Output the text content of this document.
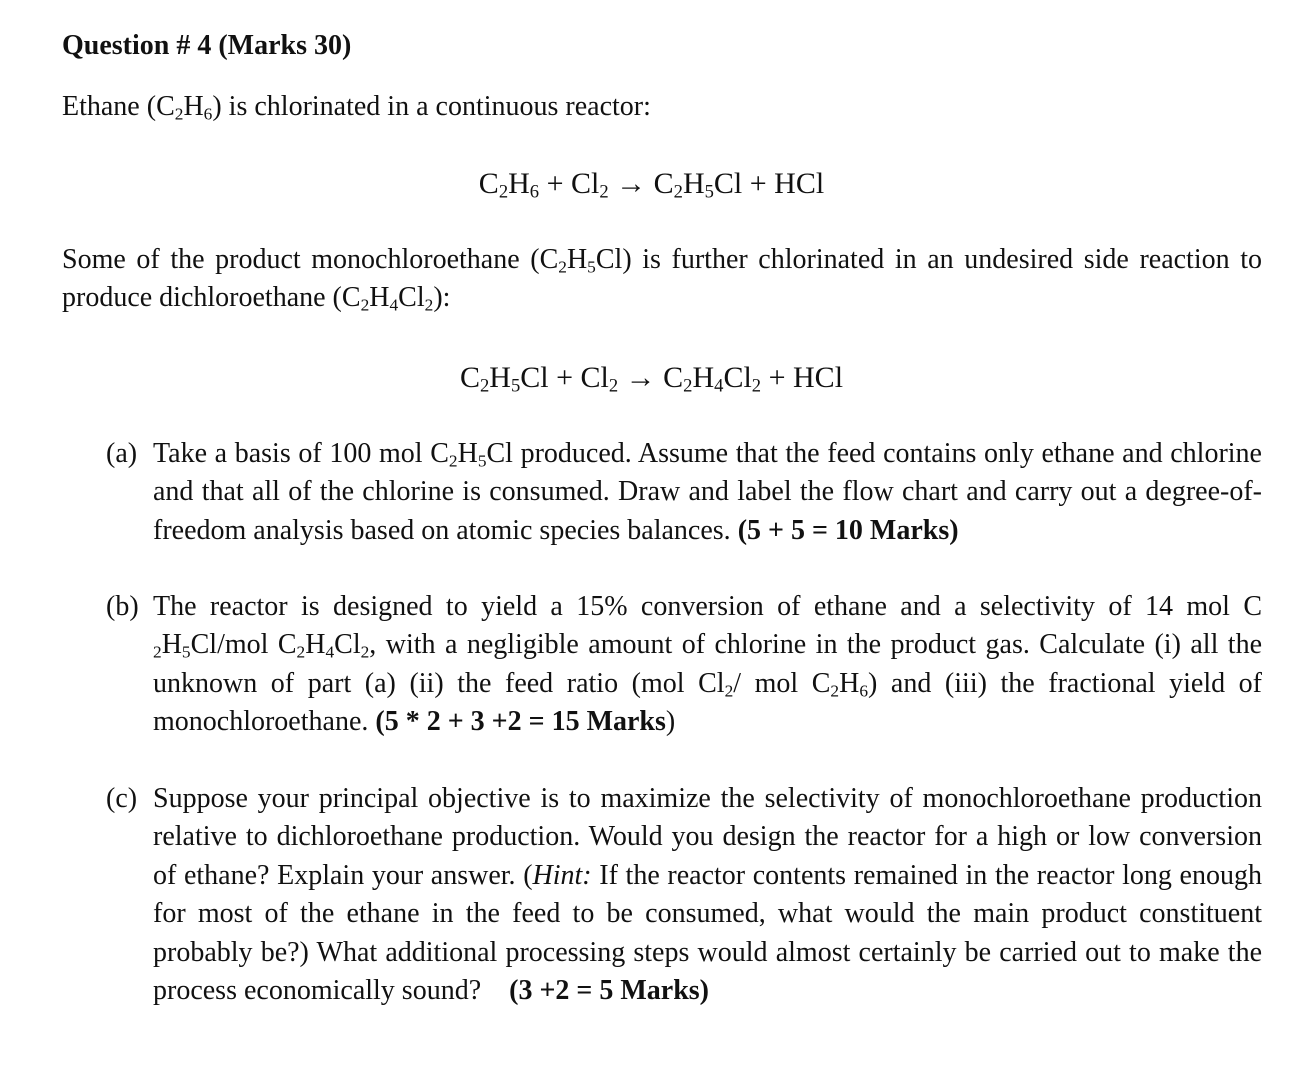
Question # 4 (Marks 30)
Ethane $(C_2H_6)$ is chlorinated in a continuous reactor:
$C_2H_6 + Cl_2 \to C_2H_5Cl$ + HCl
Some of the product monochloroethane $(C_2H_5Cl)$ is further chlorinated in an undesired side reaction to produce dichloroethane $(C_2H_4Cl_2)$:
$C_2H_5Cl + Cl_2 \to C_2H_4Cl_2$ + HCl
(a) Take a basis of 100 mol $C_2H_5Cl$ produced. Assume that the feed contains only ethane and chlorine and that all of the chlorine is consumed. Draw and label the flow chart and carry out a degree-of-freedom analysis based on atomic species balances. (5 + 5 = 10 Marks)
(b) The reactor is designed to yield a 15% conversion of ethane and a selectivity of 14 mol C $_2H_5Cl$/mol $C_2H_4Cl_2$, with a negligible amount of chlorine in the product gas. Calculate (i) all the unknown of part (a) (ii) the feed ratio (mol $Cl_2/$ mol $C_2H_6$) and (iii) the fractional yield of monochloroethane. (5 * 2 + 3 +2 = 15 Marks)
(c) Suppose your principal objective is to maximize the selectivity of monochloroethane production relative to dichloroethane production. Would you design the reactor for a high or low conversion of ethane? Explain your answer. (Hint: If the reactor contents remained in the reactor long enough for most of the ethane in the feed to be consumed, what would the main product constituent probably be?) What additional processing steps would almost certainly be carried out to make the process economically sound? (3 +2 = 5 Marks)
